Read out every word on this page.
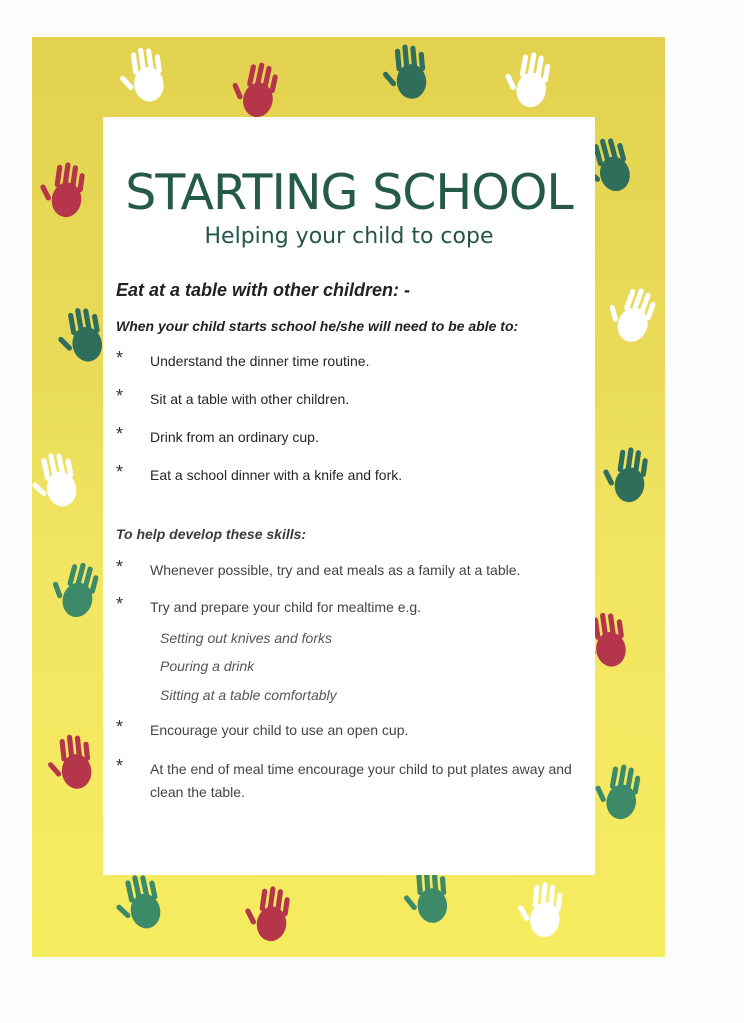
STARTING SCHOOL

Helping your child to cope

Eat at a table with other children: -

When your child starts school he/she will need to be able to:

* Understand the dinner time routine.
* Sit at a table with other children.
* Drink from an ordinary cup.
* Eat a school dinner with a knife and fork.

To help develop these skills:

* Whenever possible, try and eat meals as a family at a table.
* Try and prepare your child for mealtime e.g.
Setting out knives and forks
Pouring a drink
Sitting at a table comfortably
* Encourage your child to use an open cup.
* At the end of meal time encourage your child to put plates away and clean the table.
